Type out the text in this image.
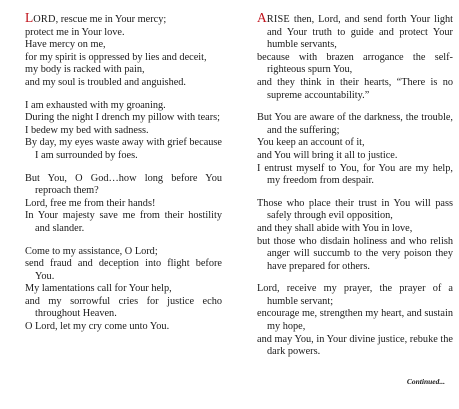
LORD, rescue me in Your mercy;
protect me in Your love.
Have mercy on me,
for my spirit is oppressed by lies and deceit,
my body is racked with pain,
and my soul is troubled and anguished.
I am exhausted with my groaning.
During the night I drench my pillow with tears;
I bedew my bed with sadness.
By day, my eyes waste away with grief because I am surrounded by foes.
But You, O God…how long before You reproach them?
Lord, free me from their hands!
In Your majesty save me from their hostility and slander.
Come to my assistance, O Lord;
send fraud and deception into flight before You.
My lamentations call for Your help,
and my sorrowful cries for justice echo throughout Heaven.
O Lord, let my cry come unto You.
ARISE then, Lord, and send forth Your light and Your truth to guide and protect Your humble servants,
because with brazen arrogance the self-righteous spurn You,
and they think in their hearts, “There is no supreme accountability.”
But You are aware of the darkness, the trouble, and the suffering;
You keep an account of it,
and You will bring it all to justice.
I entrust myself to You, for You are my help, my freedom from despair.
Those who place their trust in You will pass safely through evil opposition,
and they shall abide with You in love,
but those who disdain holiness and who relish anger will succumb to the very poison they have prepared for others.
Lord, receive my prayer, the prayer of a humble servant;
encourage me, strengthen my heart, and sustain my hope,
and may You, in Your divine justice, rebuke the dark powers.
Continued...
